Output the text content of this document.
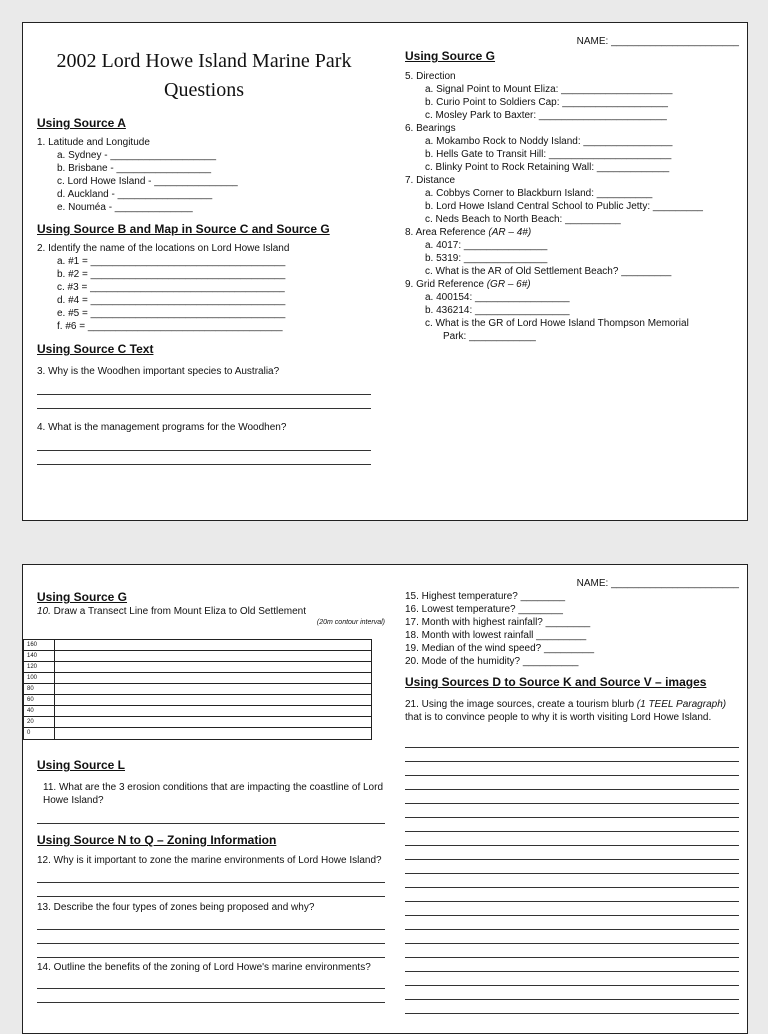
2002 Lord Howe Island Marine Park Questions
Using Source A
1. Latitude and Longitude
a. Sydney - ___________________
b. Brisbane - _________________
c. Lord Howe Island - _______________
d. Auckland - _________________
e. Nouméa - ______________
Using Source B and Map in Source C and Source G
2. Identify the name of the locations on Lord Howe Island
a. #1 = ___________________________________
b. #2 = ___________________________________
c. #3 = ___________________________________
d. #4 = ___________________________________
e. #5 = ___________________________________
f. #6 = ___________________________________
Using Source C Text
3. Why is the Woodhen important species to Australia?
4. What is the management programs for the Woodhen?
NAME: _______________________
Using Source G
5. Direction
a. Signal Point to Mount Eliza: ____________________
b. Curio Point to Soldiers Cap: ___________________
c. Mosley Park to Baxter: _______________________
6. Bearings
a. Mokambo Rock to Noddy Island: ________________
b. Hells Gate to Transit Hill: ______________________
c. Blinky Point to Rock Retaining Wall: _____________
7. Distance
a. Cobbys Corner to Blackburn Island: __________
b. Lord Howe Island Central School to Public Jetty: _________
c. Neds Beach to North Beach: __________
8. Area Reference (AR – 4#)
a. 4017: _______________
b. 5319: _______________
c. What is the AR of Old Settlement Beach? _________
9. Grid Reference (GR – 6#)
a. 400154: _________________
b. 436214: _________________
c. What is the GR of Lord Howe Island Thompson Memorial
Park: ____________
Using Source G
10. Draw a Transect Line from Mount Eliza to Old Settlement
(20m contour interval)
160
140
120
100
80
60
40
20
0
Using Source L
11. What are the 3 erosion conditions that are impacting the coastline of Lord Howe Island?
Using Source N to Q – Zoning Information
12. Why is it important to zone the marine environments of Lord Howe Island?
13. Describe the four types of zones being proposed and why?
14. Outline the benefits of the zoning of Lord Howe's marine environments?
NAME: _______________________
15. Highest temperature? ________
16. Lowest temperature? ________
17. Month with highest rainfall? ________
18. Month with lowest rainfall _________
19. Median of the wind speed? _________
20. Mode of the humidity? __________
Using Sources D to Source K and Source V – images
21. Using the image sources, create a tourism blurb (1 TEEL Paragraph) that is to convince people to why it is worth visiting Lord Howe Island.
